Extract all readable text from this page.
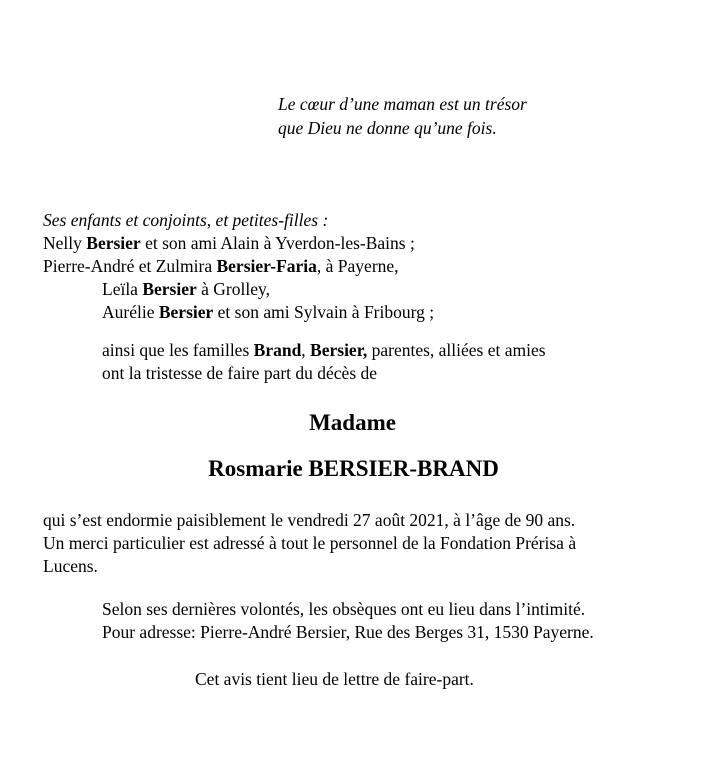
Le cœur d’une maman est un trésor
que Dieu ne donne qu’une fois.
Ses enfants et conjoints, et petites-filles :
Nelly Bersier et son ami Alain à Yverdon-les-Bains ;
Pierre-André et Zulmira Bersier-Faria, à Payerne,
Leïla Bersier à Grolley,
Aurélie Bersier et son ami Sylvain à Fribourg ;
ainsi que les familles Brand, Bersier, parentes, alliées et amies
ont la tristesse de faire part du décès de
Madame
Rosmarie BERSIER-BRAND
qui s’est endormie paisiblement le vendredi 27 août 2021, à l’âge de 90 ans.
Un merci particulier est adressé à tout le personnel de la Fondation Prérisa à
Lucens.
Selon ses dernières volontés, les obsèques ont eu lieu dans l’intimité.
Pour adresse: Pierre-André Bersier, Rue des Berges 31, 1530 Payerne.
Cet avis tient lieu de lettre de faire-part.
